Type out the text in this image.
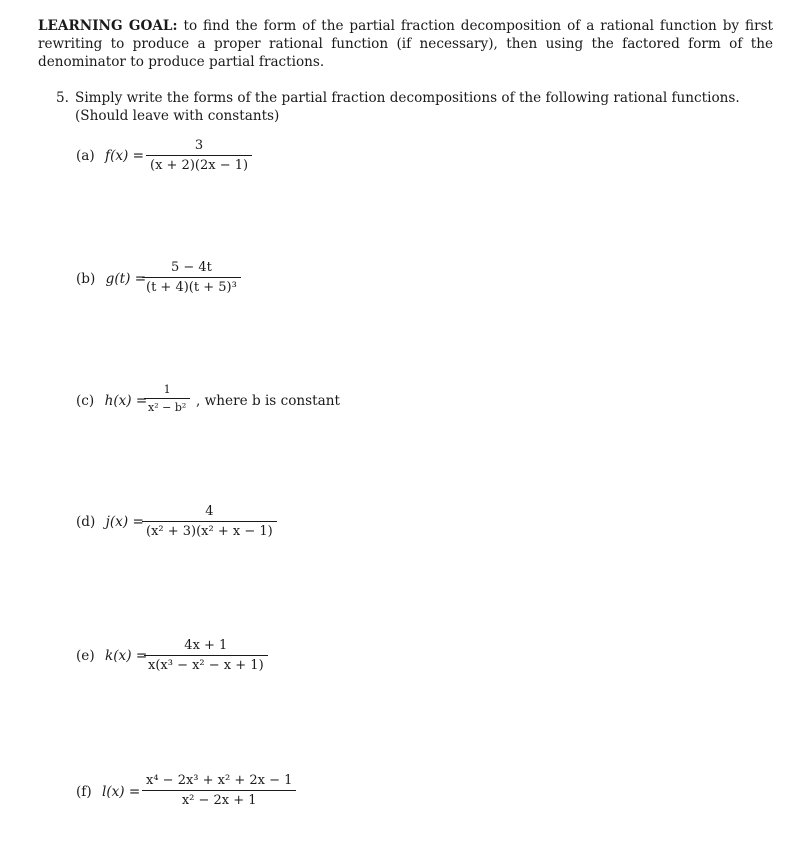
LEARNING GOAL: to find the form of the partial fraction decomposition of a rational function by first rewriting to produce a proper rational function (if necessary), then using the factored form of the denominator to produce partial fractions.
5. Simply write the forms of the partial fraction decompositions of the following rational functions. (Should leave with constants)
(a) $f(x) = \frac{3}{(x + 2)(2x - 1)}$
(b) g(t) =
$\frac{5 - 4t}{\text{(t + 4)(t + 5)³}}$
(c) h(x) =
$\frac{1}{\text{x² − b²}}$ , where b is constant
(d) j(x) =
$\frac{4}{\text{(x² + 3)(x² + x − 1)}}$
(e) k(x) =
$\frac{4x + 1}{\text{x(x³ − x² − x + 1)}}$
(f) $l(x) = \frac{\text{x⁴ − 2x³ + x² + 2x − 1}}{\text{x² − 2x + 1}}$
